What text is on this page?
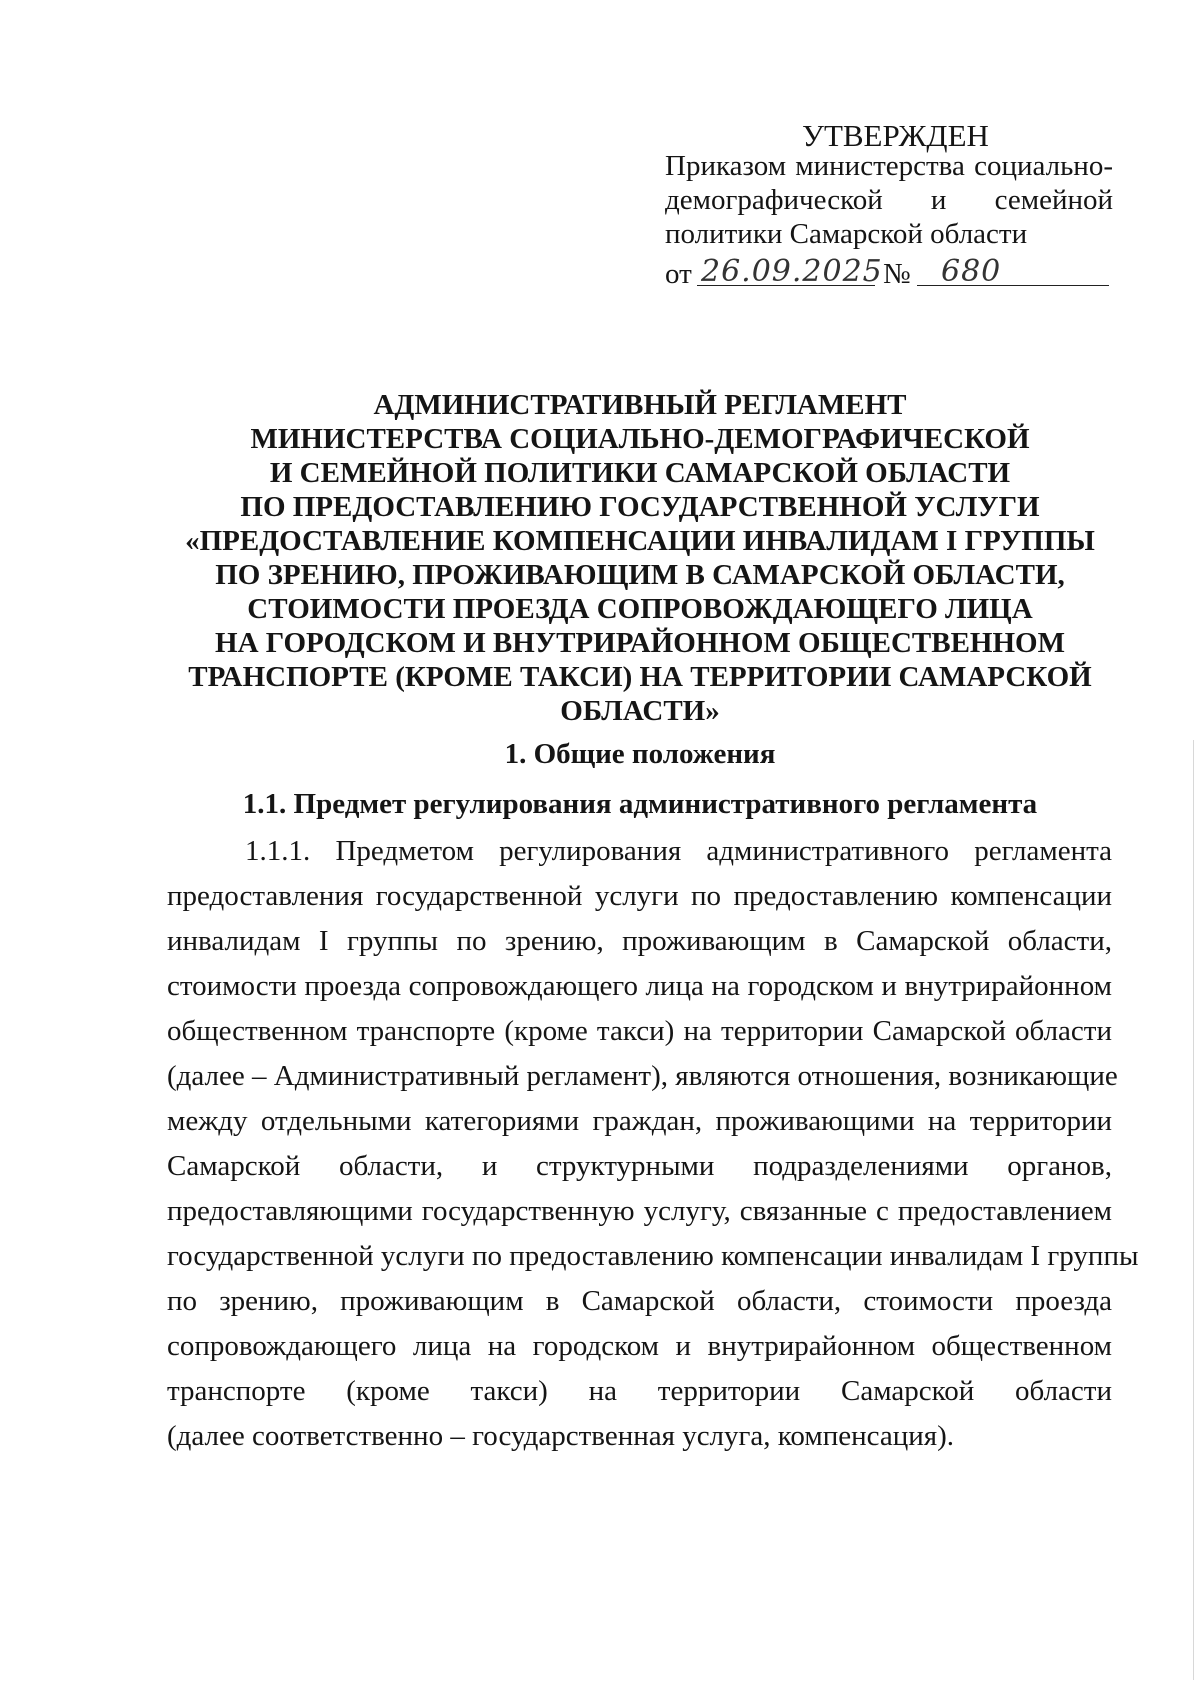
УТВЕРЖДЕН
Приказом министерства социально-
демографической и семейной
политики Самарской области
от 26.09.2025 № 680
АДМИНИСТРАТИВНЫЙ РЕГЛАМЕНТ
МИНИСТЕРСТВА СОЦИАЛЬНО-ДЕМОГРАФИЧЕСКОЙ
И СЕМЕЙНОЙ ПОЛИТИКИ САМАРСКОЙ ОБЛАСТИ
ПО ПРЕДОСТАВЛЕНИЮ ГОСУДАРСТВЕННОЙ УСЛУГИ
«ПРЕДОСТАВЛЕНИЕ КОМПЕНСАЦИИ ИНВАЛИДАМ I ГРУППЫ
ПО ЗРЕНИЮ, ПРОЖИВАЮЩИМ В САМАРСКОЙ ОБЛАСТИ,
СТОИМОСТИ ПРОЕЗДА СОПРОВОЖДАЮЩЕГО ЛИЦА
НА ГОРОДСКОМ И ВНУТРИРАЙОННОМ ОБЩЕСТВЕННОМ
ТРАНСПОРТЕ (КРОМЕ ТАКСИ) НА ТЕРРИТОРИИ САМАРСКОЙ
ОБЛАСТИ»
1. Общие положения
1.1. Предмет регулирования административного регламента
1.1.1. Предметом регулирования административного регламента
предоставления государственной услуги по предоставлению компенсации
инвалидам I группы по зрению, проживающим в Самарской области,
стоимости проезда сопровождающего лица на городском и внутрирайонном
общественном транспорте (кроме такси) на территории Самарской области
(далее – Административный регламент), являются отношения, возникающие
между отдельными категориями граждан, проживающими на территории
Самарской области, и структурными подразделениями органов,
предоставляющими государственную услугу, связанные с предоставлением
государственной услуги по предоставлению компенсации инвалидам I группы
по зрению, проживающим в Самарской области, стоимости проезда
сопровождающего лица на городском и внутрирайонном общественном
транспорте (кроме такси) на территории Самарской области
(далее соответственно – государственная услуга, компенсация).
